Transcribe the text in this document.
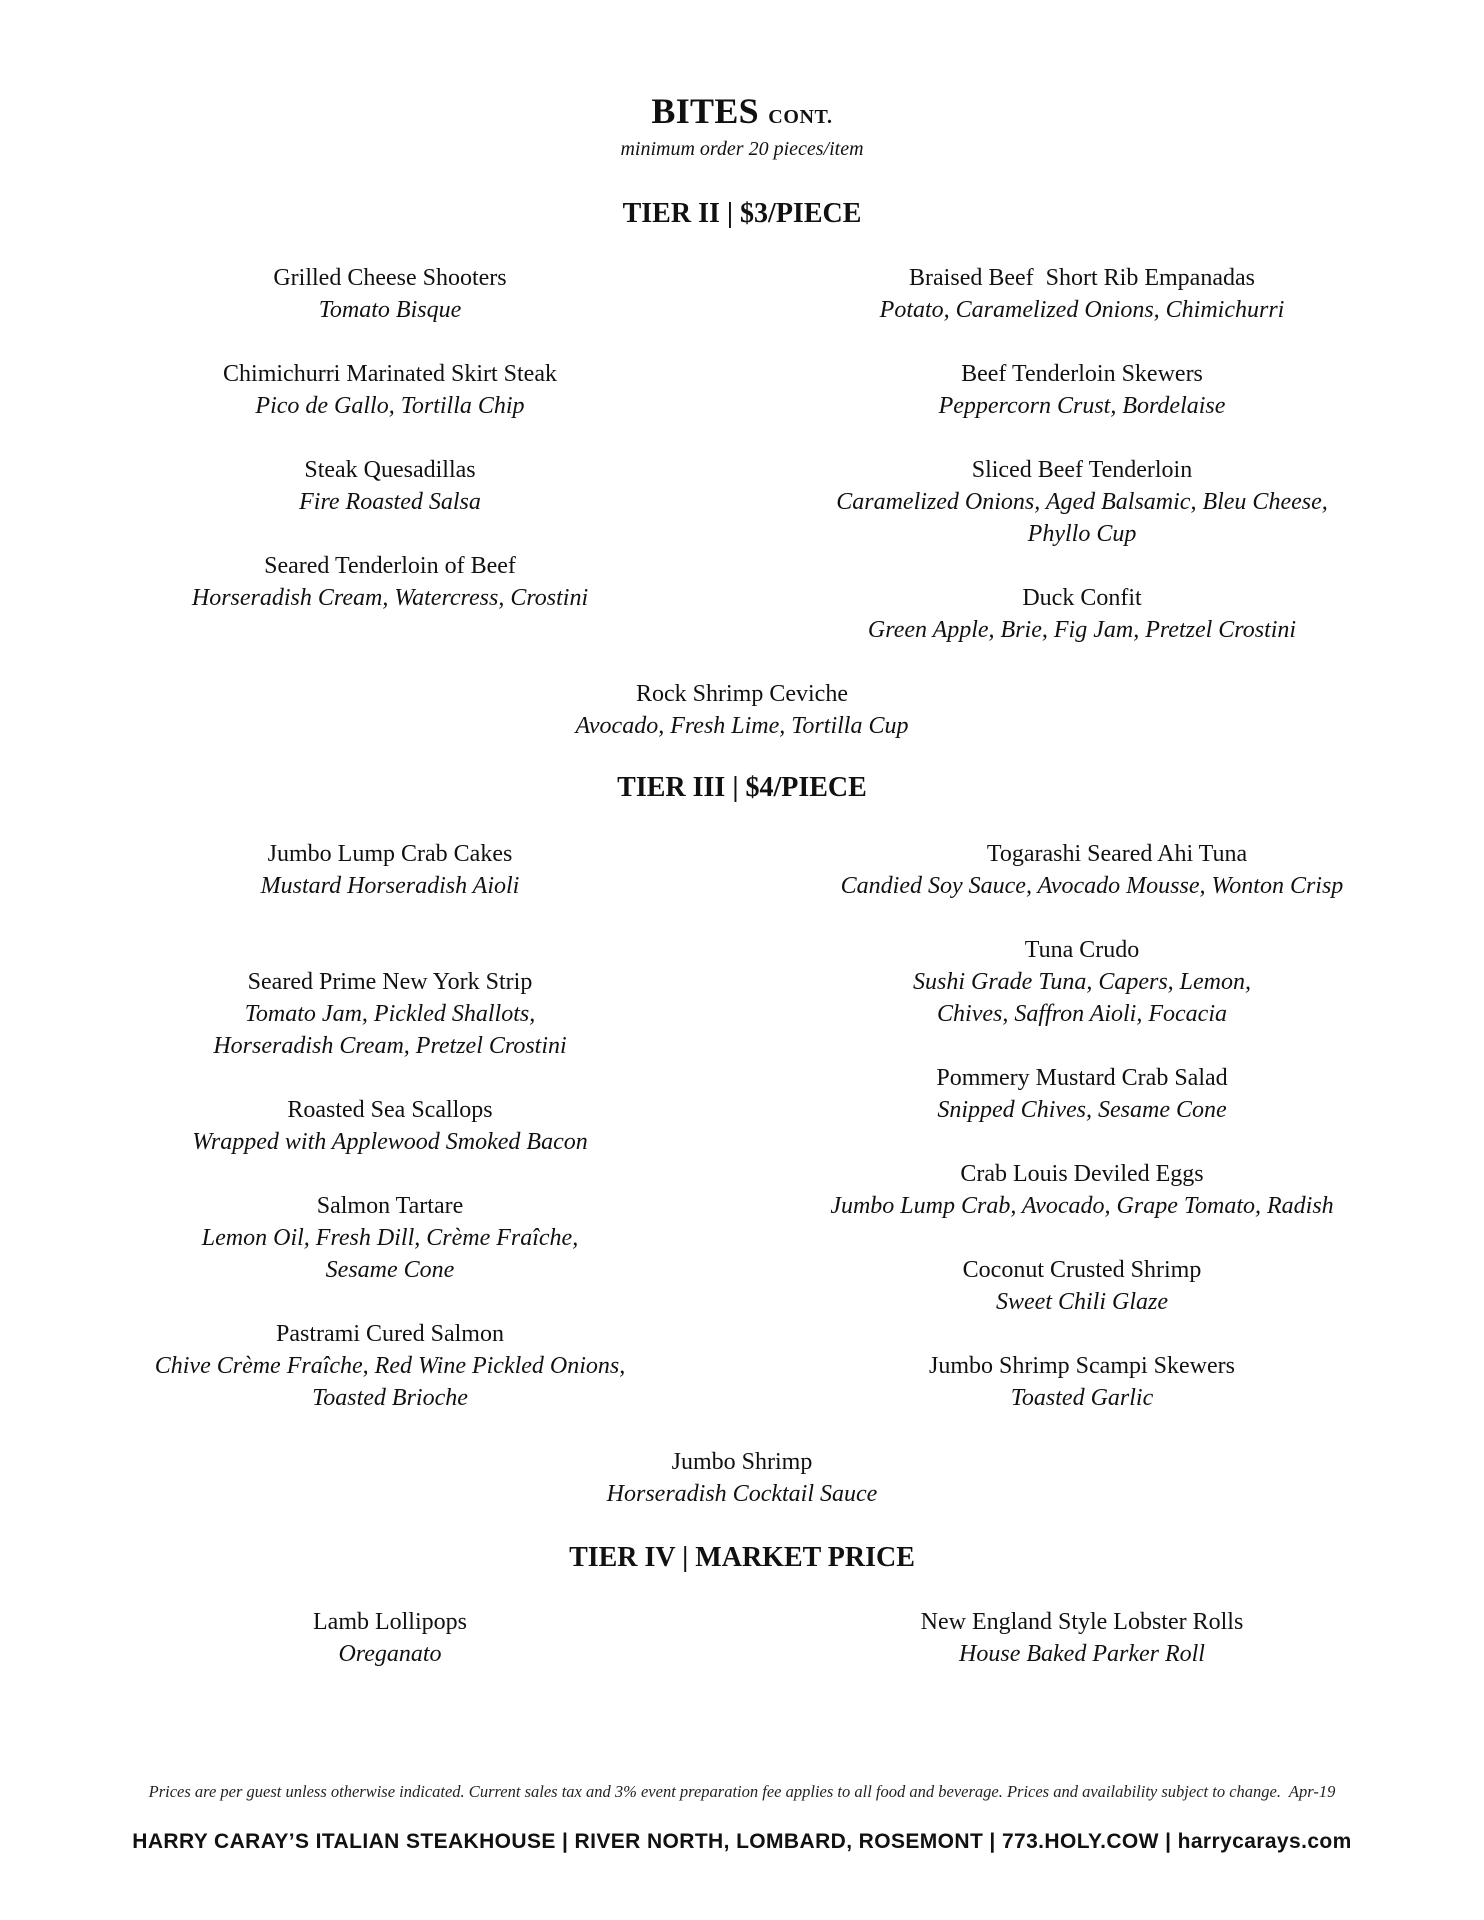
BITES CONT.
minimum order 20 pieces/item
TIER II | $3/PIECE
Grilled Cheese Shooters
Tomato Bisque
Braised Beef  Short Rib Empanadas
Potato, Caramelized Onions, Chimichurri
Chimichurri Marinated Skirt Steak
Pico de Gallo, Tortilla Chip
Beef Tenderloin Skewers
Peppercorn Crust, Bordelaise
Steak Quesadillas
Fire Roasted Salsa
Sliced Beef Tenderloin
Caramelized Onions, Aged Balsamic, Bleu Cheese,
Phyllo Cup
Seared Tenderloin of Beef
Horseradish Cream, Watercress, Crostini	Duck Confit
Green Apple, Brie, Fig Jam, Pretzel Crostini
Rock Shrimp Ceviche
Avocado, Fresh Lime, Tortilla Cup
TIER III | $4/PIECE
Jumbo Lump Crab Cakes
Mustard Horseradish Aioli
Togarashi Seared Ahi Tuna
Candied Soy Sauce, Avocado Mousse, Wonton Crisp
Tuna Crudo
Sushi Grade Tuna, Capers, Lemon,
Chives, Saffron Aioli, Focacia
Seared Prime New York Strip
Tomato Jam, Pickled Shallots,
Horseradish Cream, Pretzel Crostini
Pommery Mustard Crab Salad
Snipped Chives, Sesame Cone
Roasted Sea Scallops
Wrapped with Applewood Smoked Bacon
Crab Louis Deviled Eggs
Jumbo Lump Crab, Avocado, Grape Tomato, Radish
Salmon Tartare
Lemon Oil, Fresh Dill, Crème Fraîche,
Sesame Cone	Coconut Crusted Shrimp
Sweet Chili Glaze
Pastrami Cured Salmon
Chive Crème Fraîche, Red Wine Pickled Onions,
Toasted Brioche
Jumbo Shrimp Scampi Skewers
Toasted Garlic
Jumbo Shrimp
Horseradish Cocktail Sauce
TIER IV | MARKET PRICE
Lamb Lollipops
Oreganato
New England Style Lobster Rolls
House Baked Parker Roll
Prices are per guest unless otherwise indicated. Current sales tax and 3% event preparation fee applies to all food and beverage. Prices and availability subject to change.  Apr-19
HARRY CARAY’S ITALIAN STEAKHOUSE | RIVER NORTH, LOMBARD, ROSEMONT | 773.HOLY.COW | harrycarays.com
